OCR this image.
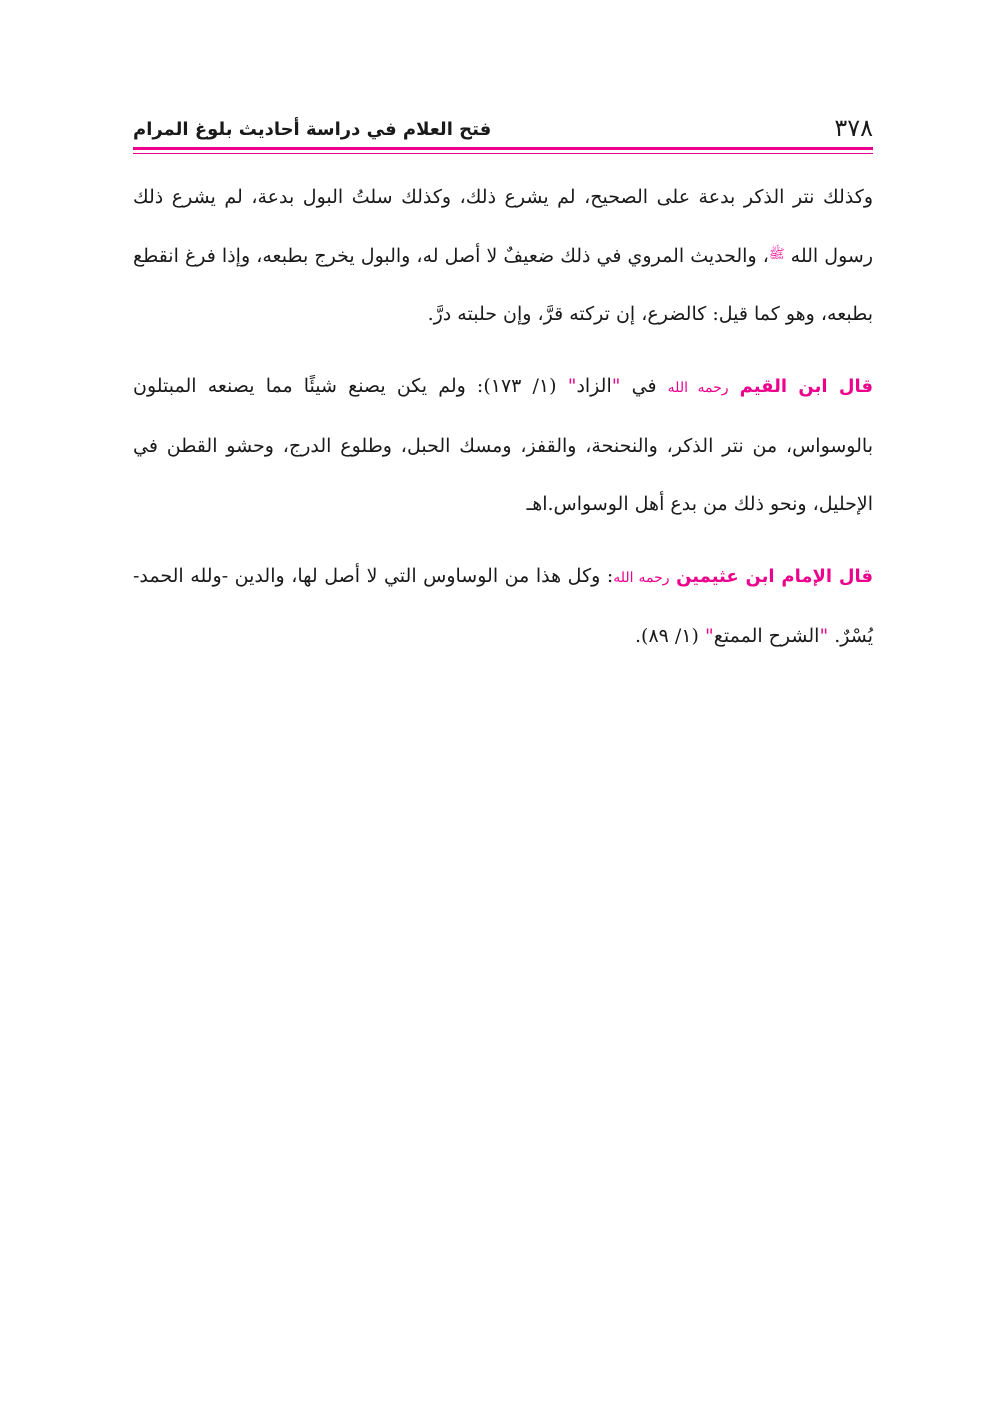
٣٧٨
فتح العلام في دراسة أحاديث بلوغ المرام

وكذلك نتر الذكر بدعة على الصحيح، لم يشرع ذلك، وكذلك سلتُ البول بدعة، لم يشرع ذلك رسول الله $^ﷺ$، والحديث المروي في ذلك ضعيفٌ لا أصل له، والبول يخرج بطبعه، وإذا فرغ انقطع بطبعه، وهو كما قيل: كالضرع، إن تركته قرَّ، وإن حلبته درَّ.

قال ابن القيم رحمه الله في "الزاد" (١/ ١٧٣): ولم يكن يصنع شيئًا مما يصنعه المبتلون بالوسواس، من نتر الذكر، والنحنحة، والقفز، ومسك الحبل، وطلوع الدرج، وحشو القطن في الإحليل، ونحو ذلك من بدع أهل الوسواس.اهـ

قال الإمام ابن عثيمين رحمه الله: وكل هذا من الوساوس التي لا أصل لها، والدين -ولله الحمد- يُسْرٌ. "الشرح الممتع" (١/ ٨٩).
